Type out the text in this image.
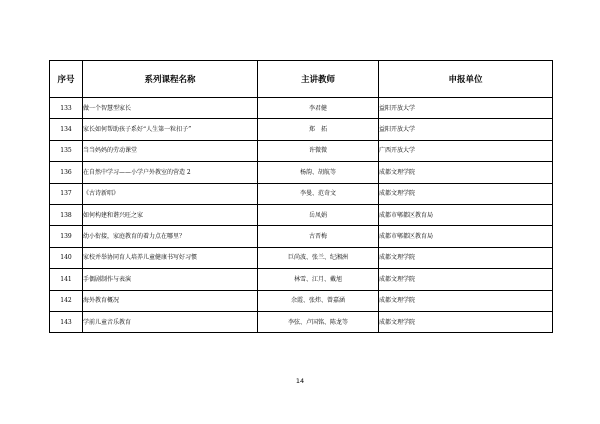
序号	系列课程名称	主讲教师	申报单位
133	做一个智慧型家长	李君健	益阳开放大学
134	家长如何帮助孩子系好“人生第一粒扣子”	郑　拓	益阳开放大学
135	当当妈妈的劳动课堂	许微微	广西开放大学
136	在自然中学习——小学户外教室的营造 2	杨韵、胡航等	成都文理学院
137	《古诗新唱》	李曼、范奇文	成都文理学院
138	如何构建和谐兴旺之家	岳凤娟	成都市郫都区教育局
139	幼小衔接，家庭教育的着力点在哪里？	古晋梅	成都市郫都区教育局
140	家校并举协同育人培养儿童健康书写好习惯	巨尚波、张兰、纪湘洲	成都文理学院
141	手偶剧制作与表演	林雪、江月、戴旭	成都文理学院
142	海外教育概况	余霞、张炜、曾嘉涵	成都文理学院
143	学前儿童音乐教育	李弦、卢国铭、陈龙等	成都文理学院
14
